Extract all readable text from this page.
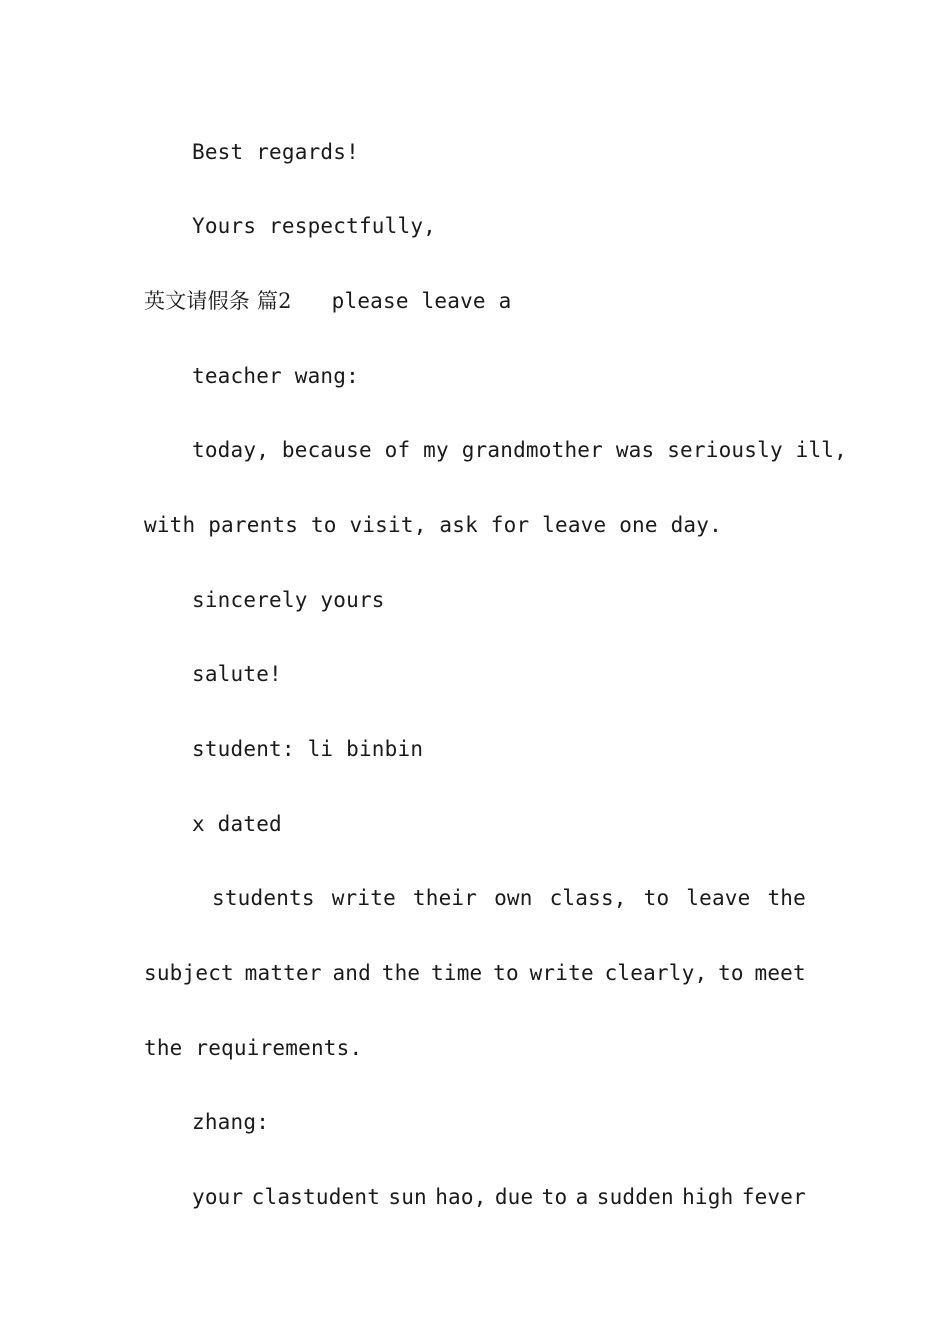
Best regards!
Yours respectfully,
英文请假条 篇2 please leave a
teacher wang:
today, because of my grandmother was seriously ill,
with parents to visit, ask for leave one day.
sincerely yours
salute!
student: li binbin
x dated
students write their own class, to leave the
subject matter and the time to write clearly, to meet
the requirements.
zhang:
your clastudent sun hao, due to a sudden high fever
